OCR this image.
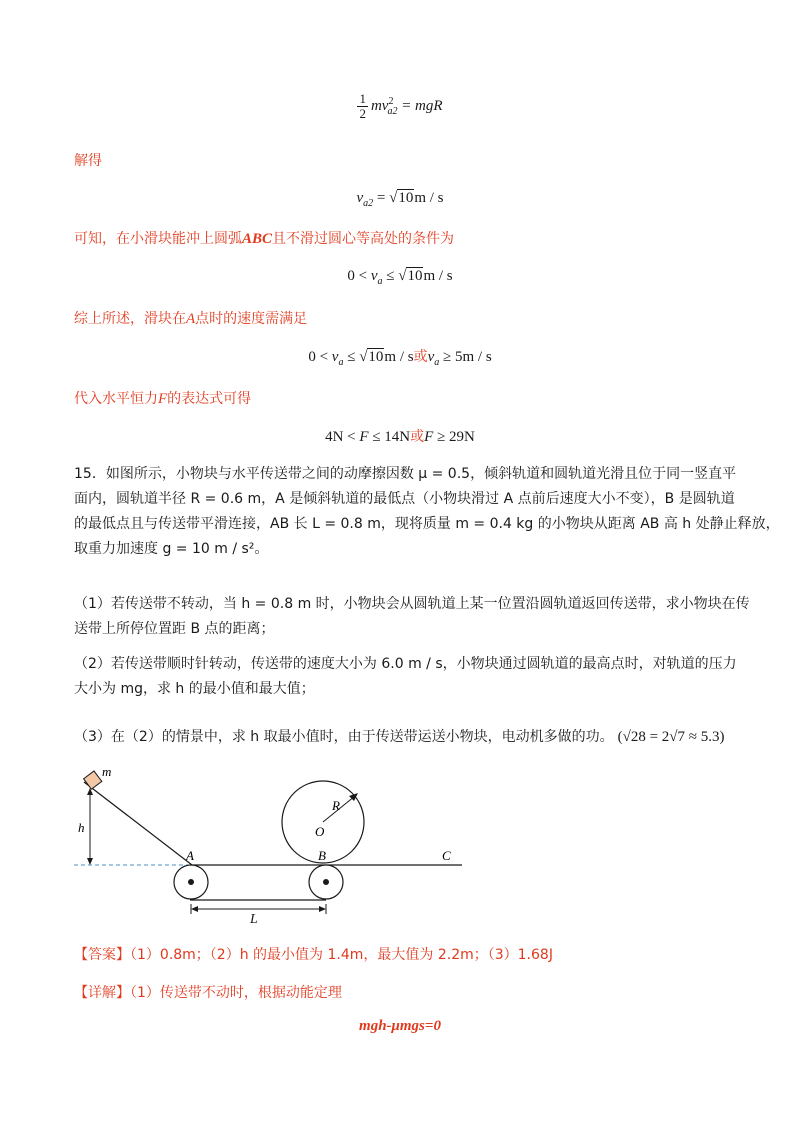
$\frac{1}{2} mv^2_{a2}$ = mgR
解得
$v_{a2} = √10m / s$
可知，在小滑块能冲上圆弧ABC且不滑过圆心等高处的条件为
$0 < v_a \le √10m / s$
综上所述，滑块在A点时的速度需满足
$0 < v_a \le √10m / s$或$v_a \ge 5m / s$
代入水平恒力F的表达式可得
4N < F ≤ 14N或F ≥ 29N
15．如图所示，小物块与水平传送带之间的动摩擦因数 μ = 0.5，倾斜轨道和圆轨道光滑且位于同一竖直平
面内，圆轨道半径 R = 0.6 m，A 是倾斜轨道的最低点（小物块滑过 A 点前后速度大小不变），B 是圆轨道
的最低点且与传送带平滑连接，AB 长 L = 0.8 m，现将质量 m = 0.4 kg 的小物块从距离 AB 高 h 处静止释放，
取重力加速度 g = 10 m / s²。
（1）若传送带不转动，当 h = 0.8 m 时，小物块会从圆轨道上某一位置沿圆轨道返回传送带，求小物块在传
送带上所停位置距 B 点的距离；
（2）若传送带顺时针转动，传送带的速度大小为 6.0 m / s，小物块通过圆轨道的最高点时，对轨道的压力
大小为 mg，求 h 的最小值和最大值；
（3）在（2）的情景中，求 h 取最小值时，由于传送带运送小物块，电动机多做的功。 (√28 = 2√7 ≈ 5.3)
m
h
R
O
A	B	C
L
【答案】（1）0.8m；（2）h 的最小值为 1.4m，最大值为 2.2m；（3）1.68J
【详解】（1）传送带不动时，根据动能定理
mgh-μmgs=0
